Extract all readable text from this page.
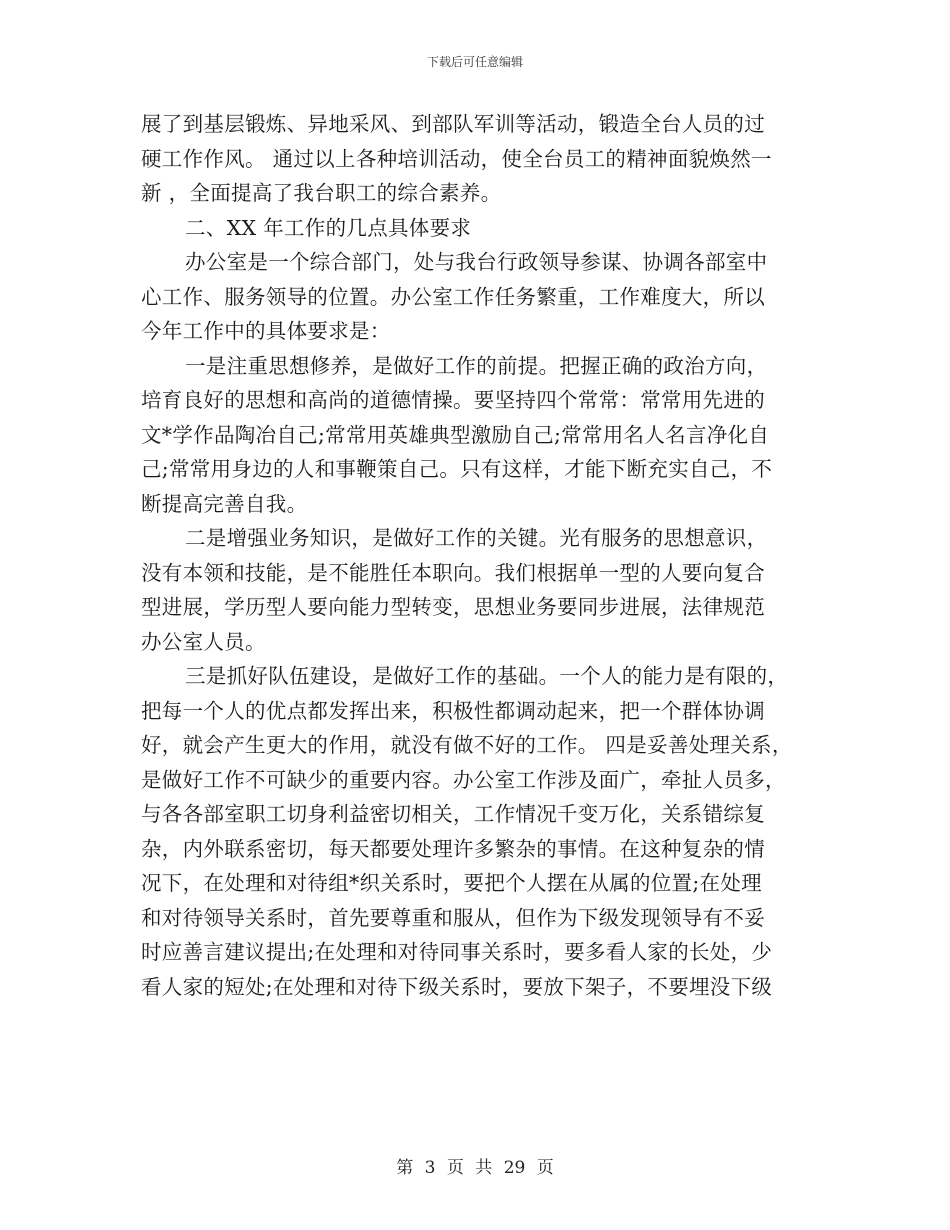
下载后可任意编辑
展了到基层锻炼、异地采风、到部队军训等活动，锻造全台人员的过
硬工作作风。 通过以上各种培训活动，使全台员工的精神面貌焕然一
新 ，全面提高了我台职工的综合素养。
二、XX 年工作的几点具体要求
办公室是一个综合部门，处与我台行政领导参谋、协调各部室中
心工作、服务领导的位置。办公室工作任务繁重，工作难度大，所以
今年工作中的具体要求是：
一是注重思想修养，是做好工作的前提。把握正确的政治方向，
培育良好的思想和高尚的道德情操。要坚持四个常常：常常用先进的
文*学作品陶冶自己;常常用英雄典型激励自己;常常用名人名言净化自
己;常常用身边的人和事鞭策自己。只有这样，才能下断充实自己，不
断提高完善自我。
二是增强业务知识，是做好工作的关键。光有服务的思想意识，
没有本领和技能，是不能胜任本职向。我们根据单一型的人要向复合
型进展，学历型人要向能力型转变，思想业务要同步进展，法律规范
办公室人员。
三是抓好队伍建设，是做好工作的基础。一个人的能力是有限的，
把每一个人的优点都发挥出来，积极性都调动起来，把一个群体协调
好，就会产生更大的作用，就没有做不好的工作。 四是妥善处理关系，
是做好工作不可缺少的重要内容。办公室工作涉及面广，牵扯人员多，
与各各部室职工切身利益密切相关，工作情况千变万化，关系错综复
杂，内外联系密切，每天都要处理许多繁杂的事情。在这种复杂的情
况下，在处理和对待组*织关系时，要把个人摆在从属的位置;在处理
和对待领导关系时，首先要尊重和服从，但作为下级发现领导有不妥
时应善言建议提出;在处理和对待同事关系时，要多看人家的长处，少
看人家的短处;在处理和对待下级关系时，要放下架子，不要埋没下级
第 3 页 共 29 页
